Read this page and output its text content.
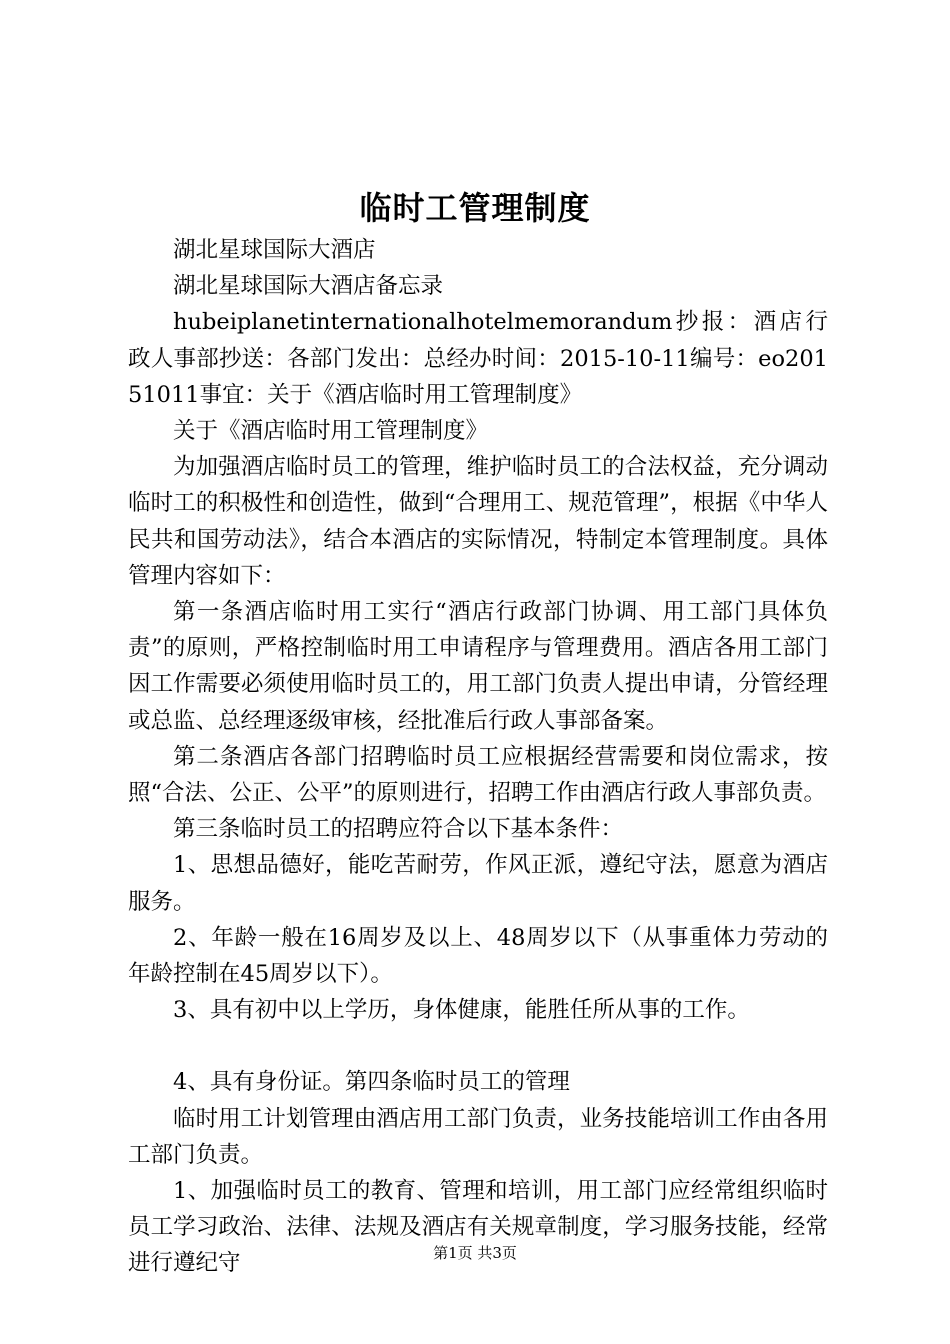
临时工管理制度

湖北星球国际大酒店

湖北星球国际大酒店备忘录

hubeiplanetinternationalhotelmemorandum抄报：酒店行政人事部抄送：各部门发出：总经办时间：2015-10-11编号：eo20151011事宜：关于《酒店临时用工管理制度》

关于《酒店临时用工管理制度》

为加强酒店临时员工的管理，维护临时员工的合法权益，充分调动临时工的积极性和创造性，做到“合理用工、规范管理”，根据《中华人民共和国劳动法》，结合本酒店的实际情况，特制定本管理制度。具体管理内容如下：

第一条酒店临时用工实行“酒店行政部门协调、用工部门具体负责”的原则，严格控制临时用工申请程序与管理费用。酒店各用工部门因工作需要必须使用临时员工的，用工部门负责人提出申请，分管经理或总监、总经理逐级审核，经批准后行政人事部备案。

第二条酒店各部门招聘临时员工应根据经营需要和岗位需求，按照“合法、公正、公平”的原则进行，招聘工作由酒店行政人事部负责。

第三条临时员工的招聘应符合以下基本条件：

1、思想品德好，能吃苦耐劳，作风正派，遵纪守法，愿意为酒店服务。

2、年龄一般在16周岁及以上、48周岁以下（从事重体力劳动的年龄控制在45周岁以下）。

3、具有初中以上学历，身体健康，能胜任所从事的工作。

4、具有身份证。第四条临时员工的管理

临时用工计划管理由酒店用工部门负责，业务技能培训工作由各用工部门负责。

1、加强临时员工的教育、管理和培训，用工部门应经常组织临时员工学习政治、法律、法规及酒店有关规章制度，学习服务技能，经常进行遵纪守	第1页 共3页
